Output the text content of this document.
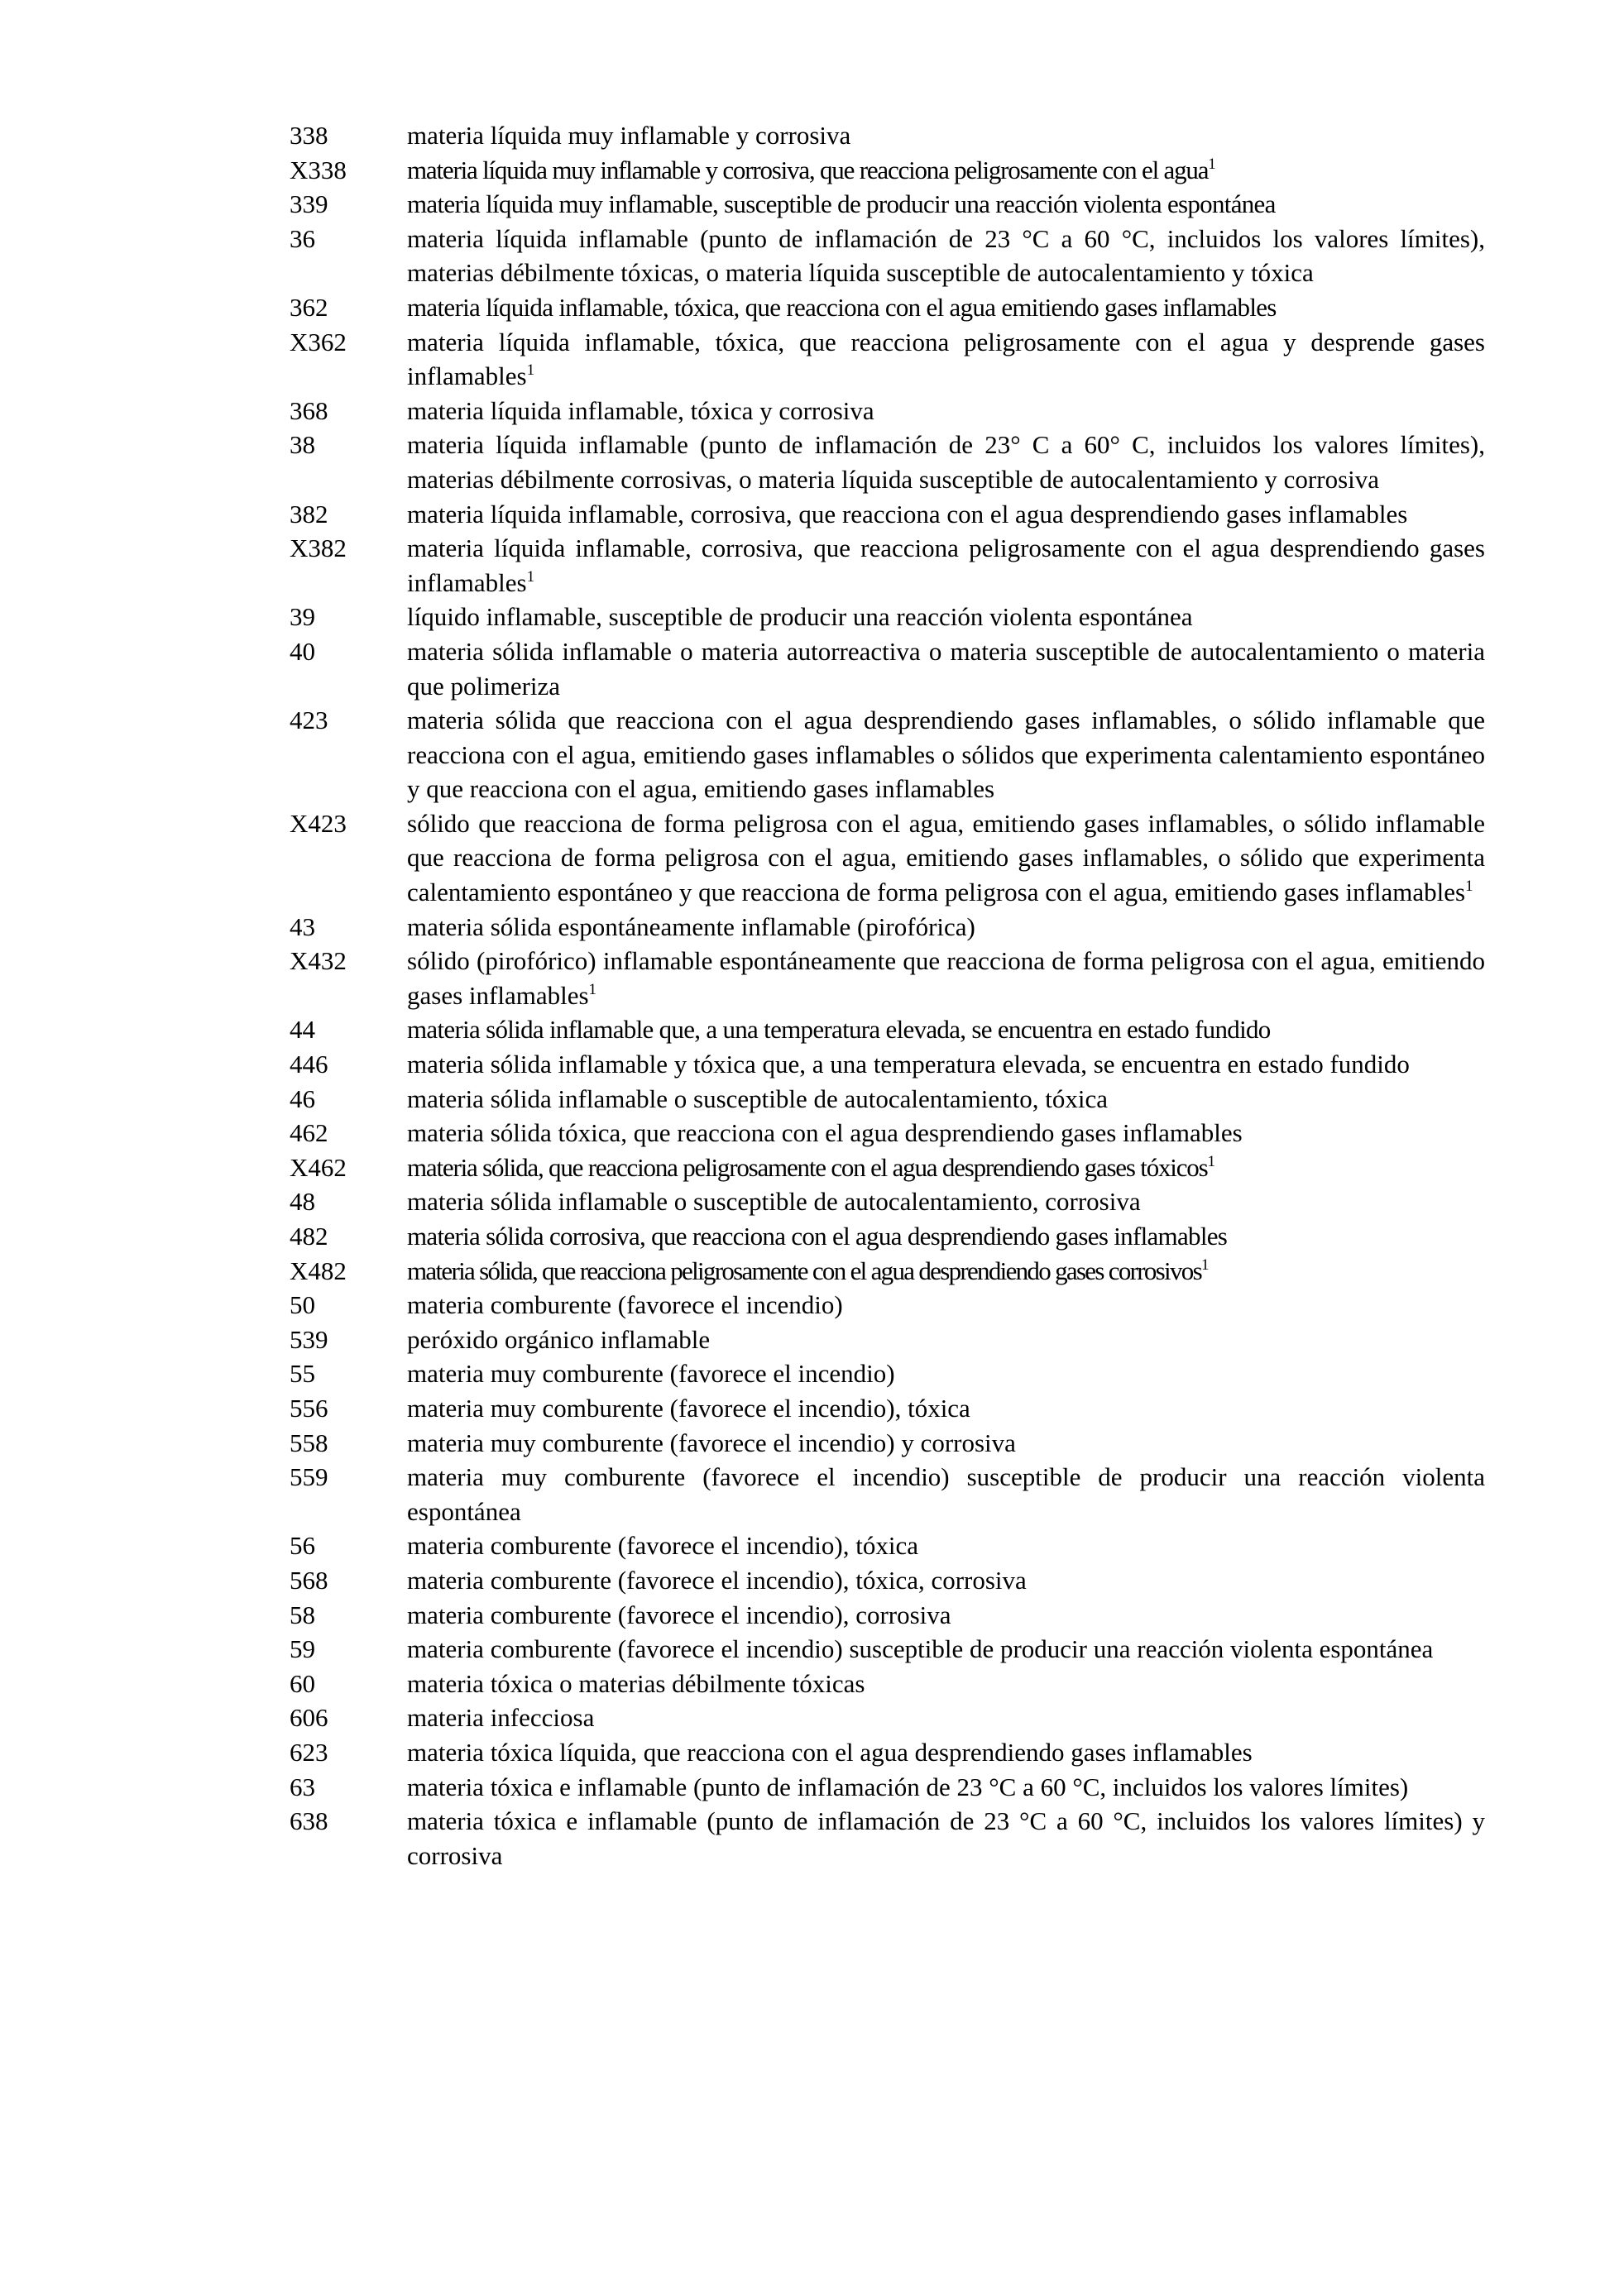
338	materia líquida muy inflamable y corrosiva
X338	materia líquida muy inflamable y corrosiva, que reacciona peligrosamente con el agua$^1$
339	materia líquida muy inflamable, susceptible de producir una reacción violenta espontánea
36	materia líquida inflamable (punto de inflamación de 23 °C a 60 °C, incluidos los valores límites), materias débilmente tóxicas, o materia líquida susceptible de autocalentamiento y tóxica
362	materia líquida inflamable, tóxica, que reacciona con el agua emitiendo gases inflamables
X362	materia líquida inflamable, tóxica, que reacciona peligrosamente con el agua y desprende gases inflamables$^1$
368	materia líquida inflamable, tóxica y corrosiva
38	materia líquida inflamable (punto de inflamación de 23° C a 60° C, incluidos los valores límites), materias débilmente corrosivas, o materia líquida susceptible de autocalentamiento y corrosiva
382	materia líquida inflamable, corrosiva, que reacciona con el agua desprendiendo gases inflamables
X382	materia líquida inflamable, corrosiva, que reacciona peligrosamente con el agua desprendiendo gases inflamables$^1$
39	líquido inflamable, susceptible de producir una reacción violenta espontánea
40	materia sólida inflamable o materia autorreactiva o materia susceptible de autocalentamiento o materia que polimeriza
423	materia sólida que reacciona con el agua desprendiendo gases inflamables, o sólido inflamable que reacciona con el agua, emitiendo gases inflamables o sólidos que experimenta calentamiento espontáneo y que reacciona con el agua, emitiendo gases inflamables
X423	sólido que reacciona de forma peligrosa con el agua, emitiendo gases inflamables, o sólido inflamable que reacciona de forma peligrosa con el agua, emitiendo gases inflamables, o sólido que experimenta calentamiento espontáneo y que reacciona de forma peligrosa con el agua, emitiendo gases inflamables$^1$
43	materia sólida espontáneamente inflamable (pirofórica)
X432	sólido (pirofórico) inflamable espontáneamente que reacciona de forma peligrosa con el agua, emitiendo gases inflamables$^1$
44	materia sólida inflamable que, a una temperatura elevada, se encuentra en estado fundido
446	materia sólida inflamable y tóxica que, a una temperatura elevada, se encuentra en estado fundido
46	materia sólida inflamable o susceptible de autocalentamiento, tóxica
462	materia sólida tóxica, que reacciona con el agua desprendiendo gases inflamables
X462	materia sólida, que reacciona peligrosamente con el agua desprendiendo gases tóxicos$^1$
48	materia sólida inflamable o susceptible de autocalentamiento, corrosiva
482	materia sólida corrosiva, que reacciona con el agua desprendiendo gases inflamables
X482	materia sólida, que reacciona peligrosamente con el agua desprendiendo gases corrosivos$^1$
50	materia comburente (favorece el incendio)
539	peróxido orgánico inflamable
55	materia muy comburente (favorece el incendio)
556	materia muy comburente (favorece el incendio), tóxica
558	materia muy comburente (favorece el incendio) y corrosiva
559	materia muy comburente (favorece el incendio) susceptible de producir una reacción violenta espontánea
56	materia comburente (favorece el incendio), tóxica
568	materia comburente (favorece el incendio), tóxica, corrosiva
58	materia comburente (favorece el incendio), corrosiva
59	materia comburente (favorece el incendio) susceptible de producir una reacción violenta espontánea
60	materia tóxica o materias débilmente tóxicas
606	materia infecciosa
623	materia tóxica líquida, que reacciona con el agua desprendiendo gases inflamables
63	materia tóxica e inflamable (punto de inflamación de 23 °C a 60 °C, incluidos los valores límites)
638	materia tóxica e inflamable (punto de inflamación de 23 °C a 60 °C, incluidos los valores límites) y corrosiva
